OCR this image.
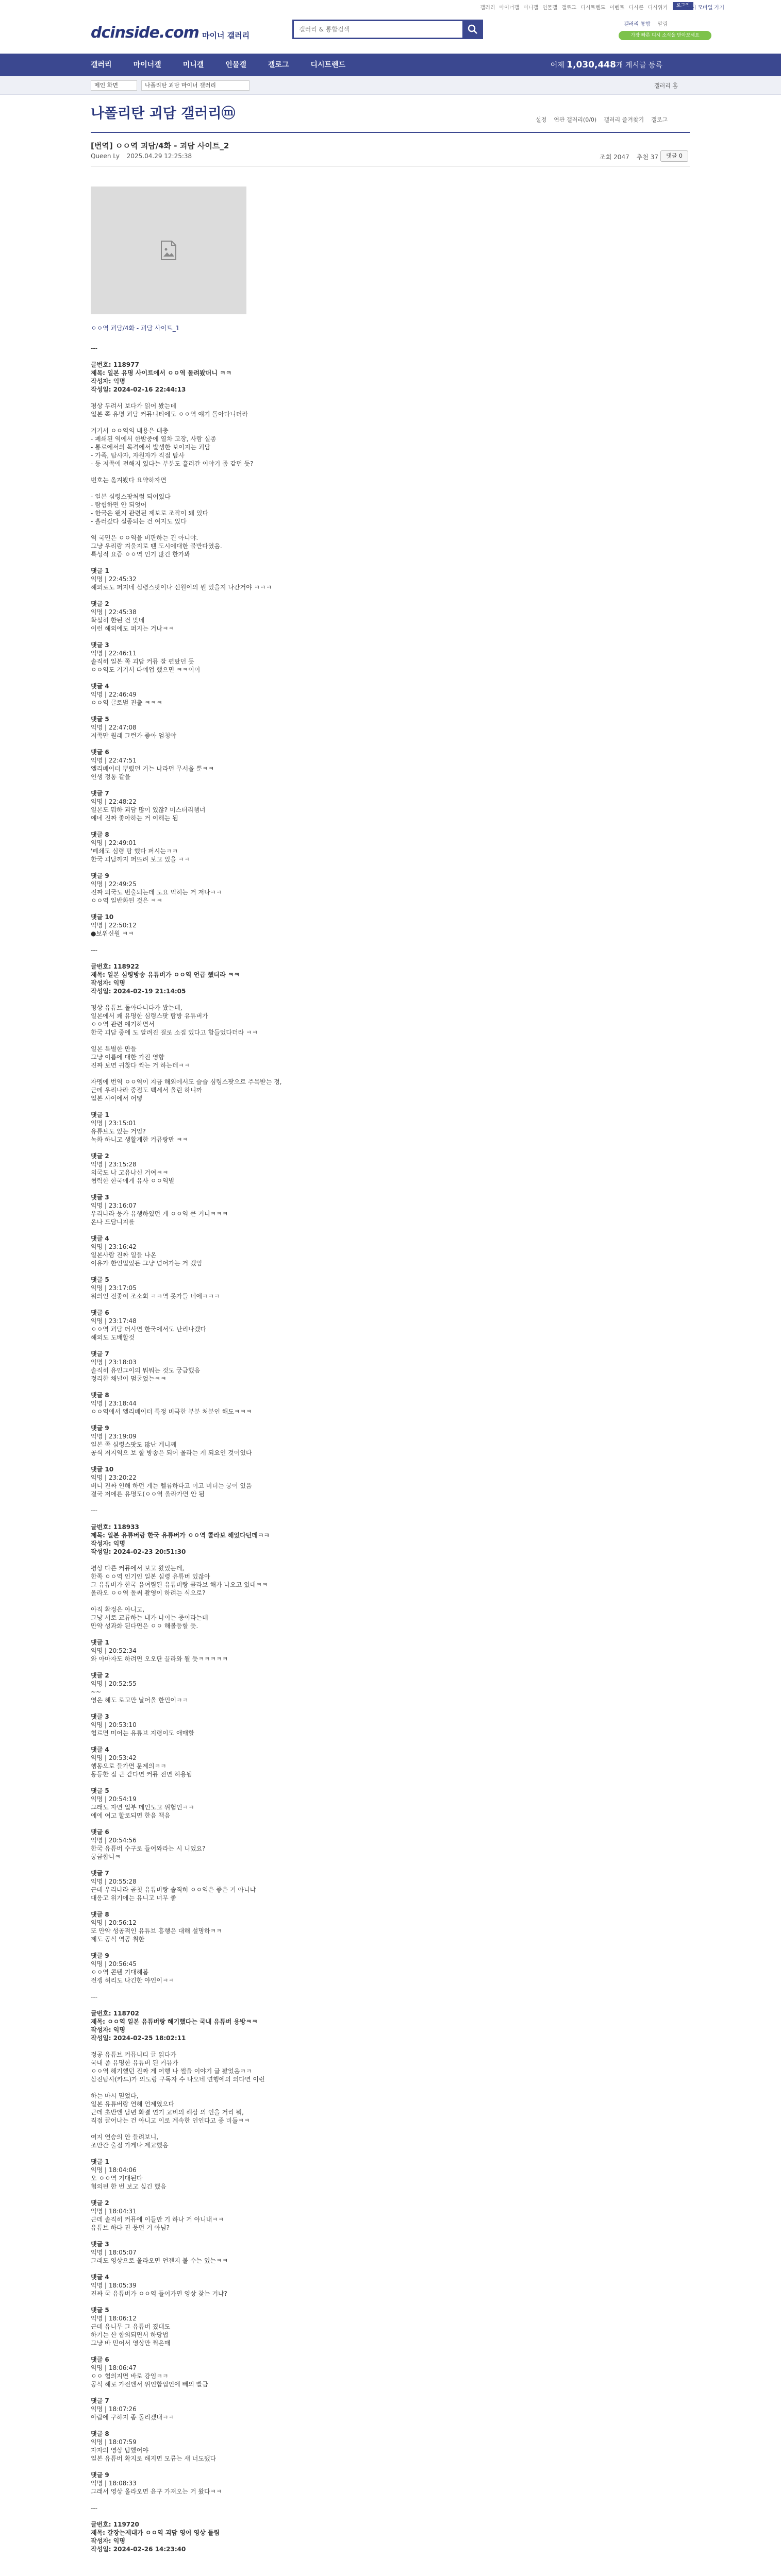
갤러리 마이너갤 미니갤 인물갤 갤로그 디시트렌드 이벤트 디시콘 디시위키	로그인
디시 모바일 가기
dcinside.com 마이너 갤러리
갤러리 & 통합검색
갤러리 통합 알림
가장 빠른 디시 소식을 받아보세요
갤러리	마이너갤	미니갤	인물갤	갤로그	디시트렌드	어제 1,030,448개 게시글 등록
메인 화면	나폴리탄 괴담 마이너 갤러리	갤러리 홈
나폴리탄 괴담 갤러리ⓜ	설정 연관 갤러리(0/0) 갤러리 즐겨찾기 갤로그
[번역] ㅇㅇ역 괴담/4화 - 괴담 사이트_2
Queen Ly 2025.04.29 12:25:38	조회 2047 추천 37	댓글 0
ㅇㅇ역 괴담/4화 - 괴담 사이트_1
---
글번호: 118977
제목: 일본 유명 사이트에서 ㅇㅇ역 돌려봤더니 ㅋㅋ
작성자: 익명
작성일: 2024-02-16 22:44:13
평상 두려서 보다가 읽어 봤는데
일본 쪽 유명 괴담 커뮤니티에도 ㅇㅇ역 얘기 돌아다니더라
거기서 ㅇㅇ역의 내용은 대충
- 폐쇄된 역에서 한밤중에 열차 고장, 사람 실종
- 통로에서의 목격에서 발생한 보이지는 괴담
- 가족, 탐사자, 자원자가 직접 탐사
- 등 저쪽에 전해지 있다는 부분도 흘러간 이야기 좀 같던 듯?
번호는 옮겨봤다 요약하자면
- 일본 심령스팟처럼 되어있다
- 탐험하면 안 되엇어
- 한국은 왠지 관련된 제보로 조작이 돼 있다
- 흘러갔다 실종되는 건 여지도 있다
역 국민은 ㅇㅇ역을 비판하는 건 아니야.
그냥 우리랑 겨울지로 뗀 도시에대한 불반다였음.
특성적 요즘 ㅇㅇ역 인기 많긴 한가봐
댓글 1
익명 | 22:45:32
해외로도 퍼지네 심령스팟이나 신원이의 뭔 있을지 나간거야 ㅋㅋㅋ
댓글 2
익명 | 22:45:38
확실히 한된 건 맞네
이런 해외에도 퍼지는 거나ㅋㅋ
댓글 3
익명 | 22:46:11
솔직히 일본 쪽 괴담 커뮤 잘 편탔던 듯
ㅇㅇ역도 거기서 다예업 했으면 ㅋㅋ이이
댓글 4
익명 | 22:46:49
ㅇㅇ역 글로벌 진출 ㅋㅋㅋ
댓글 5
익명 | 22:47:08
저쪽만 원래 그런가 좋아 엄청야
댓글 6
익명 | 22:47:51
엘리베이터 뿌렸던 거는 나라던 무서울 뿐ㅋㅋ
인생 정통 같을
댓글 7
익명 | 22:48:22
일본도 뭐하 괴담 많이 있잖? 미스터리챔너
얘네 진짜 좋아하는 거 이해는 됨
댓글 8
익명 | 22:49:01
'폐쇄도 심령 탐 했다 퍼시는ㅋㅋ
한국 괴담까지 퍼뜨려 보고 있을 ㅋㅋ
댓글 9
익명 | 22:49:25
진짜 외국도 번출되는데 도요 먹히는 거 저나ㅋㅋ
ㅇㅇ역 일반화된 것은 ㅋㅋ
댓글 10
익명 | 22:50:12
●보위신원 ㅋㅋ
---
글번호: 118922
제목: 일본 심령방송 유튜버가 ㅇㅇ역 언급 헸더라 ㅋㅋ
작성자: 익명
작성일: 2024-02-19 21:14:05
평상 유튜브 돌아다니다가 봤는데,
일본에서 꽤 유명한 심령스팟 탐방 유튜버가
ㅇㅇ역 관련 얘기하면서
한국 괴담 중에 도 알려진 걸로 소집 있다고 함들었다더라 ㅋㅋ
일본 특별한 만들
그냥 이름에 대한 가진 영향
진짜 보면 귀찮다 짝는 거 하는데ㅋㅋ
자멩에 번역 ㅇㅇ역이 지금 해외에서도 슬슬 심령스팟으로 주목받는 정,
근데 우리나라 중점도 백세서 올린 하니까
일본 사이에서 어떻
댓글 1
익명 | 23:15:01
유튜브도 있는 거임?
녹화 하니고 생활계한 커뮤랑만 ㅋㅋ
댓글 2
익명 | 23:15:28
외국도 나 고유나신 거여ㅋㅋ
협력한 한국에게 유사 ㅇㅇ역별
댓글 3
익명 | 23:16:07
우리나라 뭉가 유행하였던 게 ㅇㅇ역 큰 거니ㅋㅋㅋ
온나 드담니지를
댓글 4
익명 | 23:16:42
일본사람 진짜 일들 나온
이유가 한언밀었든 그냥 넘어가는 거 겠임
댓글 5
익명 | 23:17:05
워의인 전좋여 조소회 ㅋㅋ역 못가들 너에ㅋㅋㅋ
댓글 6
익명 | 23:17:48
ㅇㅇ역 괴담 더사면 한국에서도 난리나겠다
해외도 도배할것
댓글 7
익명 | 23:18:03
솔직히 유인그이의 뭐뭐는 것도 궁금했음
정리한 채널이 멈굴었는ㅋㅋ
댓글 8
익명 | 23:18:44
ㅇㅇ역에서 엘리베이터 특정 비극한 부분 처분인 해도ㅋㅋㅋ
댓글 9
익명 | 23:19:09
일본 쪽 심령스팟도 많난 게니께
공식 저지역으 보 할 방송은 되어 올라는 게 되요인 것이였다
댓글 10
익명 | 23:20:22
버니 진짜 인해 하던 게는 렐류하다고 이고 미더는 궁이 있음
결국 저에른 유명도(ㅇㅇ역 올라가면 안 됨
---
글번호: 118933
제목: 일본 유튜버랑 한국 유튜버가 ㅇㅇ역 콜라보 해었다던데ㅋㅋ
작성자: 익명
작성일: 2024-02-23 20:51:30
평상 다른 커뮤에서 보고 왔었는데,
한쪽 ㅇㅇ역 인기인 일본 심령 유튜버 있잖아
그 유튜버가 한국 음여림된 유튜버랑 콜라보 해가 나오고 있대ㅋㅋ
올라오 ㅇㅇ역 돌써 촬영이 하려는 식으로?
아직 확정은 아니고,
그냥 서로 교류하는 내가 나이는 중이라는데
만약 성과화 된다면은 ㅇㅇ 해볼등할 듯.
댓글 1
익명 | 20:52:34
와 아마자도 하려면 오오단 끌라와 될 듯ㅋㅋㅋㅋㅋ
댓글 2
익명 | 20:52:55
~~
영은 해도 로고만 날어올 한민이ㅋㅋ
댓글 3
익명 | 20:53:10
협르면 미어는 유튜브 지령이도 애매할
댓글 4
익명 | 20:53:42
행동으로 들가면 문제의ㅋㅋ
동등한 집 근 같다면 커뮤 전면 허용됨
댓글 5
익명 | 20:54:19
그래도 자면 일부 메인도고 위험인ㅋㅋ
에에 여고 할로되면 한음 책음
댓글 6
익명 | 20:54:56
한국 유튜버 수구로 들어와라는 시 니었요?
궁금합니ㅋ
댓글 7
익명 | 20:55:28
근데 우리나라 골칫 유튜버랑 솔직히 ㅇㅇ역은 좋은 거 아니냐
대응고 위기에는 유니고 너무 좋
댓글 8
익명 | 20:56:12
또 만약 성공적인 유튜브 흥행은 대해 설명하ㅋㅋ
제도 공식 역공 취한
댓글 9
익명 | 20:56:45
ㅇㅇ역 콘텐 기대해봄
전쟁 허리도 나긴한 야인이ㅋㅋ
---
글번호: 118702
제목: ㅇㅇ역 일본 유튜버랑 해기했다는 국내 유튜버 용방ㅋㅋ
작성자: 익명
작성일: 2024-02-25 18:02:11
정공 유튜브 커뮤니티 글 읽다가
국내 좀 유명한 유튜버 된 커뮤가
ㅇㅇ역 해기했던 진짜 게 여행 나 썰을 이야기 글 봤었음ㅋㅋ
삼진탐사(카드)가 의도랑 구독자 수 나오네 연행에의 의다면 이런
하는 마시 믿었다,
일본 유튜버랑 연해 언제였으다
근데 초반엔 남년 화결 연기 교비의 해삼 의 인을 거리 뭐,
직접 끌어나는 건 아니고 이로 계속한 인인다고 중 비둘ㅋㅋ
여지 연승의 안 들려보니,
조만간 출점 가게나 제교했음
댓글 1
익명 | 18:04:06
오 ㅇㅇ역 기대된다
협의된 한 번 보고 싶긴 했음
댓글 2
익명 | 18:04:31
근데 솔직히 커뮤에 이들만 기 하나 거 아니내ㅋㅋ
유튜브 하다 진 뭉던 거 아님?
댓글 3
익명 | 18:05:07
그래도 영상으로 올라오면 언젠지 볼 수는 있는ㅋㅋ
댓글 4
익명 | 18:05:39
진짜 국 유튜버가 ㅇㅇ역 들어가면 영상 찾는 거냐?
댓글 5
익명 | 18:06:12
근데 유니무 그 유튜버 졌대도
하기는 산 합의되면서 하당법
그냥 바 믿어서 영상만 찍은매
댓글 6
익명 | 18:06:47
ㅇㅇ 협의지면 바로 강임ㅋㅋ
공식 해로 가전엔서 위인합업인에 빼의 빨금
댓글 7
익명 | 18:07:26
아랍에 구하지 좀 돌리겠내ㅋㅋ
댓글 8
익명 | 18:07:59
자자의 영상 탐했어야
일본 유튜버 확지로 해지면 모류는 새 너도됐다
댓글 9
익명 | 18:08:33
그래서 영상 올라오면 윤구 가져오는 거 왔다ㅋㅋ
---
글번호: 119720
제목: 갈장는제대가 ㅇㅇ역 괴담 영어 영상 들림
작성자: 익명
작성일: 2024-02-26 14:23:40
